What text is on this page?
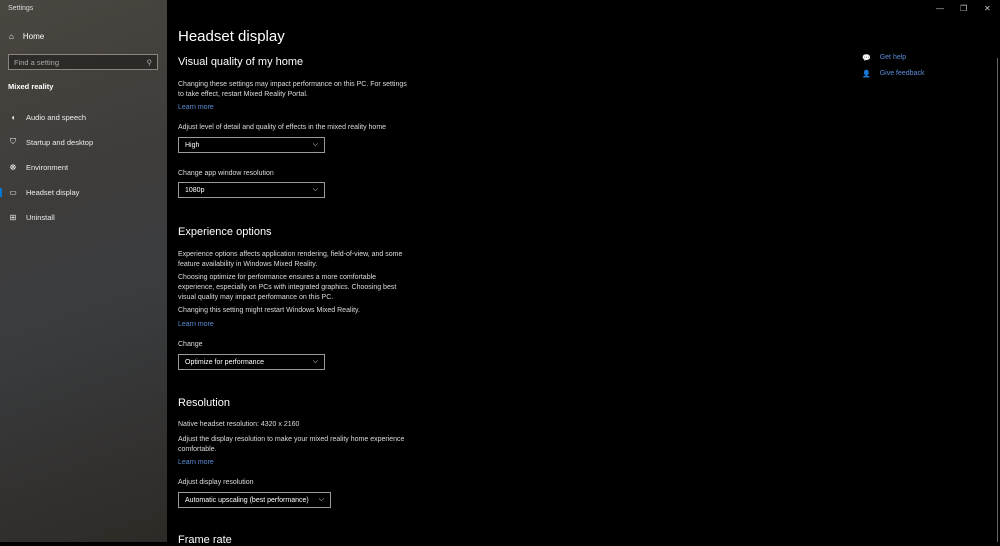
Settings
⌂ Home
Find a setting	⚲
Mixed reality
◖ Audio and speech
⛉ Startup and desktop
☸ Environment
▭ Headset display
⊞ Uninstall
— ❐ ✕
Headset display
Visual quality of my home
Changing these settings may impact performance on this PC. For settings to take effect, restart Mixed Reality Portal.
Learn more
Adjust level of detail and quality of effects in the mixed reality home
High	⌵
Change app window resolution
1080p	⌵
Experience options
Experience options affects application rendering, field-of-view, and some feature availability in Windows Mixed Reality.
Choosing optimize for performance ensures a more comfortable experience, especially on PCs with integrated graphics. Choosing best visual quality may impact performance on this PC.
Changing this setting might restart Windows Mixed Reality.
Learn more
Change
Optimize for performance	⌵
Resolution
Native headset resolution: 4320 x 2160
Adjust the display resolution to make your mixed reality home experience comfortable.
Learn more
Adjust display resolution
Automatic upscaling (best performance) ⌵
Frame rate
💬 Get help
👤 Give feedback
